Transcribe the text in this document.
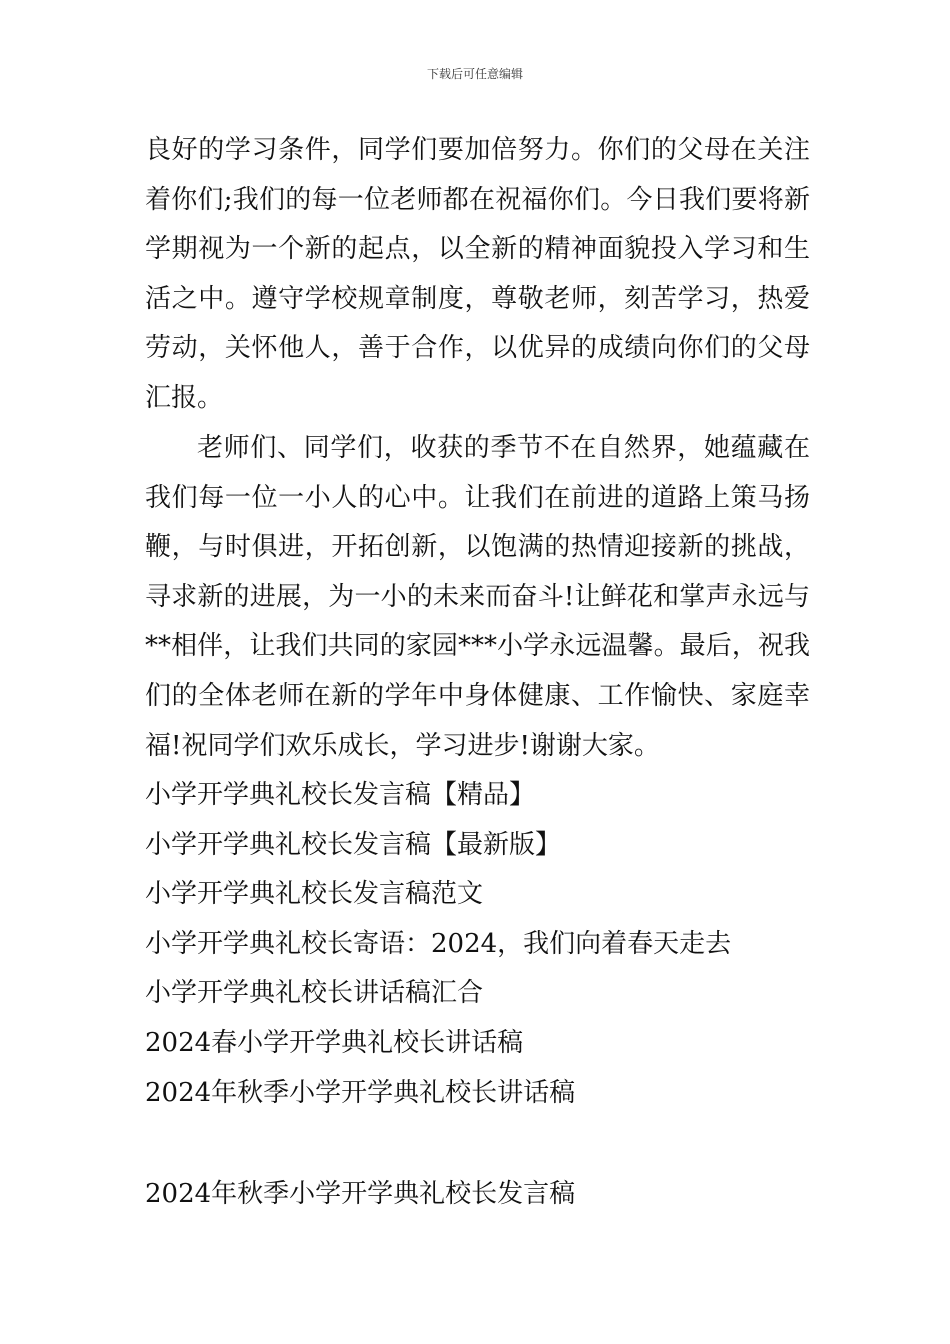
下载后可任意编辑

良好的学习条件，同学们要加倍努力。你们的父母在关注着你们;我们的每一位老师都在祝福你们。今日我们要将新学期视为一个新的起点，以全新的精神面貌投入学习和生活之中。遵守学校规章制度，尊敬老师，刻苦学习，热爱劳动，关怀他人，善于合作，以优异的成绩向你们的父母汇报。

老师们、同学们，收获的季节不在自然界，她蕴藏在我们每一位一小人的心中。让我们在前进的道路上策马扬鞭，与时俱进，开拓创新，以饱满的热情迎接新的挑战，寻求新的进展，为一小的未来而奋斗!让鲜花和掌声永远与**相伴，让我们共同的家园***小学永远温馨。最后，祝我们的全体老师在新的学年中身体健康、工作愉快、家庭幸福!祝同学们欢乐成长，学习进步!谢谢大家。

小学开学典礼校长发言稿【精品】
小学开学典礼校长发言稿【最新版】
小学开学典礼校长发言稿范文
小学开学典礼校长寄语：2024，我们向着春天走去
小学开学典礼校长讲话稿汇合
2024春小学开学典礼校长讲话稿
2024年秋季小学开学典礼校长讲话稿
2024年秋季小学开学典礼校长发言稿
